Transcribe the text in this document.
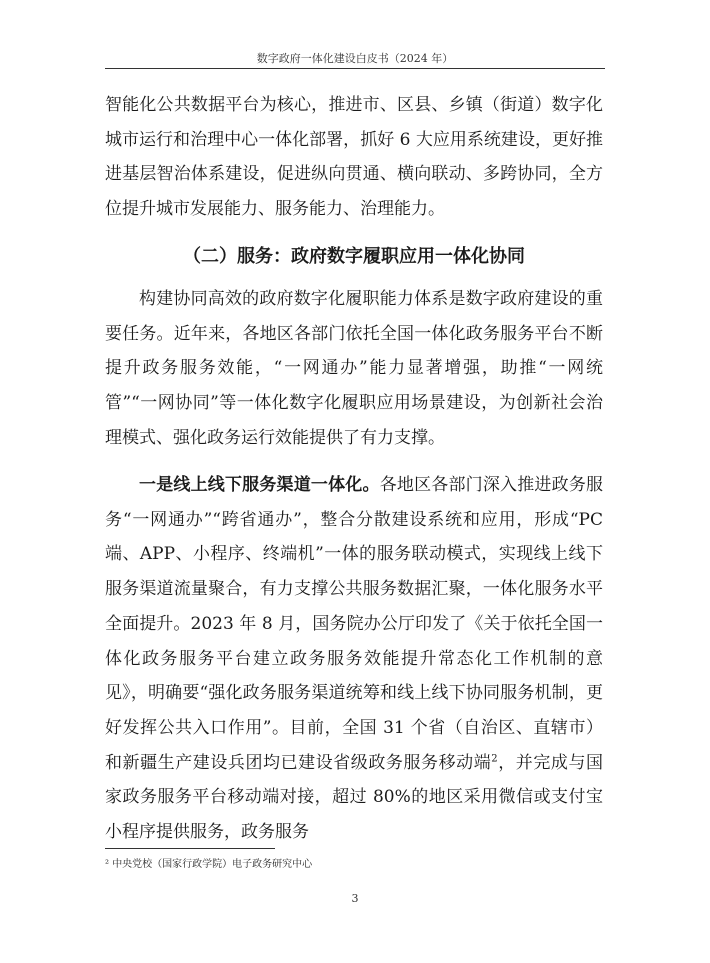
数字政府一体化建设白皮书（2024 年）

智能化公共数据平台为核心，推进市、区县、乡镇（街道）数字化城市运行和治理中心一体化部署，抓好 6 大应用系统建设，更好推进基层智治体系建设，促进纵向贯通、横向联动、多跨协同，全方位提升城市发展能力、服务能力、治理能力。

（二）服务：政府数字履职应用一体化协同

构建协同高效的政府数字化履职能力体系是数字政府建设的重要任务。近年来，各地区各部门依托全国一体化政务服务平台不断提升政务服务效能，“一网通办”能力显著增强，助推“一网统管”“一网协同”等一体化数字化履职应用场景建设，为创新社会治理模式、强化政务运行效能提供了有力支撑。

一是线上线下服务渠道一体化。各地区各部门深入推进政务服务“一网通办”“跨省通办”，整合分散建设系统和应用，形成“PC 端、APP、小程序、终端机”一体的服务联动模式，实现线上线下服务渠道流量聚合，有力支撑公共服务数据汇聚，一体化服务水平全面提升。2023 年 8 月，国务院办公厅印发了《关于依托全国一体化政务服务平台建立政务服务效能提升常态化工作机制的意见》，明确要“强化政务服务渠道统筹和线上线下协同服务机制，更好发挥公共入口作用”。目前，全国 31 个省（自治区、直辖市）和新疆生产建设兵团均已建设省级政务服务移动端$^2$，并完成与国家政务服务平台移动端对接，超过 80%的地区采用微信或支付宝小程序提供服务，政务服务

² 中央党校（国家行政学院）电子政务研究中心
3
